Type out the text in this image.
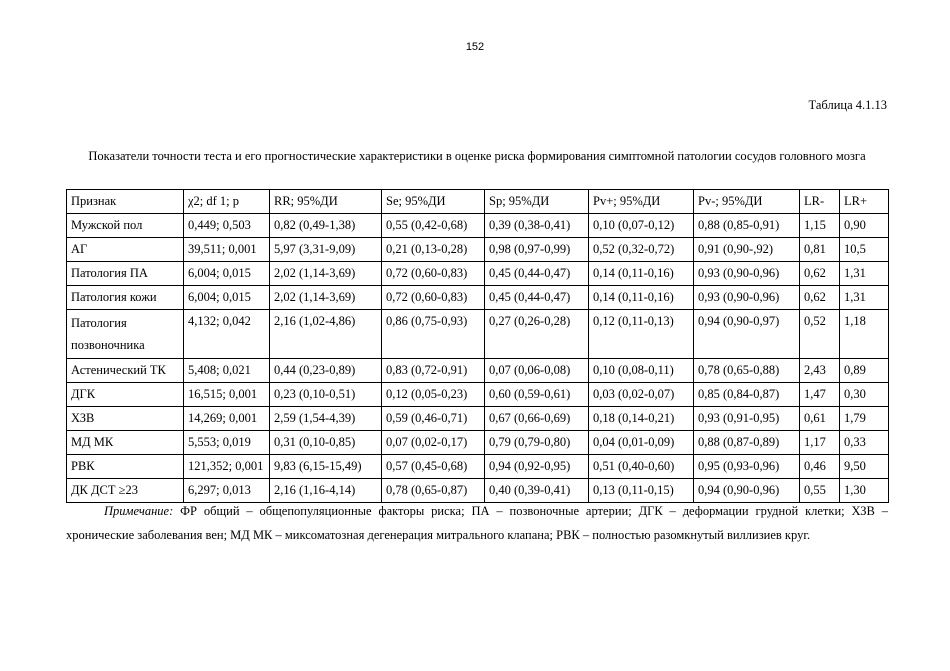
152
Таблица 4.1.13
Показатели точности теста и его прогностические характеристики в оценке риска формирования симптомной патологии сосудов головного мозга
Признак	χ2; df 1; p	RR; 95%ДИ	Se; 95%ДИ	Sp; 95%ДИ	Pv+; 95%ДИ	Pv-; 95%ДИ	LR-	LR+
Мужской пол	0,449; 0,503	0,82 (0,49-1,38)	0,55 (0,42-0,68)	0,39 (0,38-0,41)	0,10 (0,07-0,12)	0,88 (0,85-0,91)	1,15	0,90
АГ	39,511; 0,001	5,97 (3,31-9,09)	0,21 (0,13-0,28)	0,98 (0,97-0,99)	0,52 (0,32-0,72)	0,91 (0,90-,92)	0,81	10,5
Патология ПА	6,004; 0,015	2,02 (1,14-3,69)	0,72 (0,60-0,83)	0,45 (0,44-0,47)	0,14 (0,11-0,16)	0,93 (0,90-0,96)	0,62	1,31
Патология кожи	6,004; 0,015	2,02 (1,14-3,69)	0,72 (0,60-0,83)	0,45 (0,44-0,47)	0,14 (0,11-0,16)	0,93 (0,90-0,96)	0,62	1,31
Патология позвоночника	4,132; 0,042	2,16 (1,02-4,86)	0,86 (0,75-0,93)	0,27 (0,26-0,28)	0,12 (0,11-0,13)	0,94 (0,90-0,97)	0,52	1,18
Астенический ТК	5,408; 0,021	0,44 (0,23-0,89)	0,83 (0,72-0,91)	0,07 (0,06-0,08)	0,10 (0,08-0,11)	0,78 (0,65-0,88)	2,43	0,89
ДГК	16,515; 0,001	0,23 (0,10-0,51)	0,12 (0,05-0,23)	0,60 (0,59-0,61)	0,03 (0,02-0,07)	0,85 (0,84-0,87)	1,47	0,30
ХЗВ	14,269; 0,001	2,59 (1,54-4,39)	0,59 (0,46-0,71)	0,67 (0,66-0,69)	0,18 (0,14-0,21)	0,93 (0,91-0,95)	0,61	1,79
МД МК	5,553; 0,019	0,31 (0,10-0,85)	0,07 (0,02-0,17)	0,79 (0,79-0,80)	0,04 (0,01-0,09)	0,88 (0,87-0,89)	1,17	0,33
РВК	121,352; 0,001	9,83 (6,15-15,49)	0,57 (0,45-0,68)	0,94 (0,92-0,95)	0,51 (0,40-0,60)	0,95 (0,93-0,96)	0,46	9,50
ДК ДСТ ≥23	6,297; 0,013	2,16 (1,16-4,14)	0,78 (0,65-0,87)	0,40 (0,39-0,41)	0,13 (0,11-0,15)	0,94 (0,90-0,96)	0,55	1,30
Примечание: ФР общий – общепопуляционные факторы риска; ПА – позвоночные артерии; ДГК – деформации грудной клетки; ХЗВ – хронические заболевания вен; МД МК – миксоматозная дегенерация митрального клапана; РВК – полностью разомкнутый виллизиев круг.
